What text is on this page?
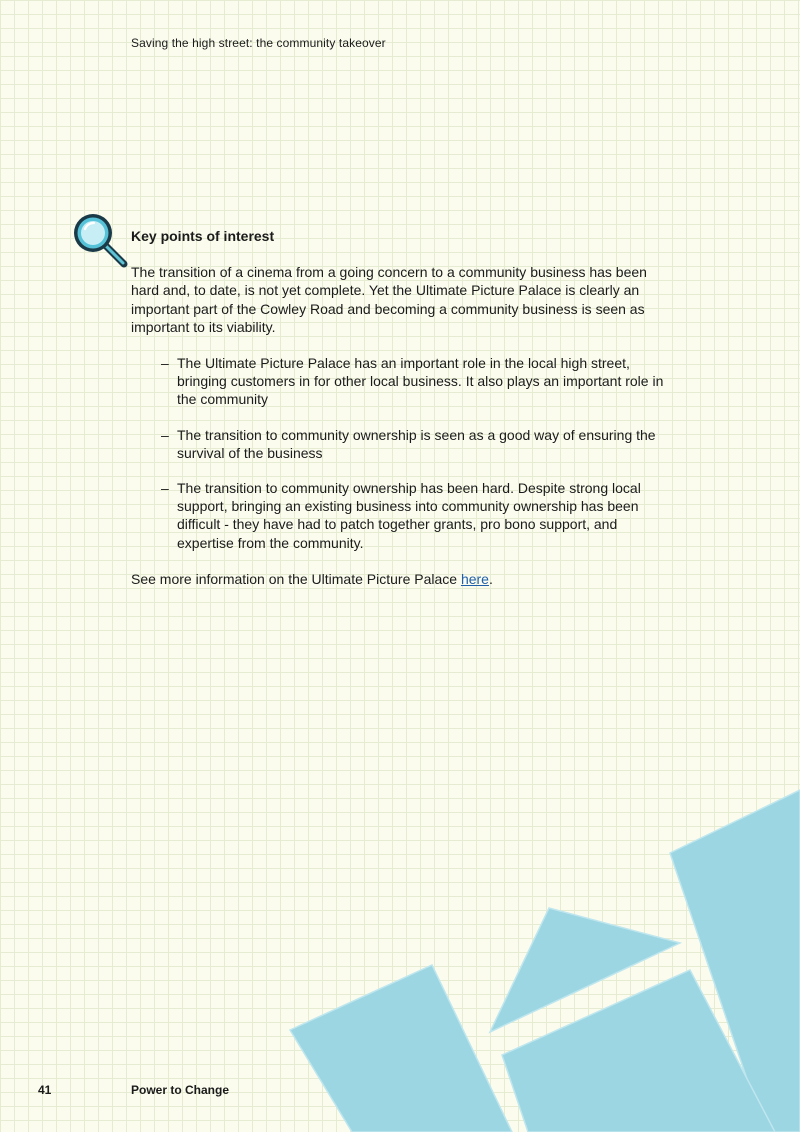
Saving the high street: the community takeover

Key points of interest

The transition of a cinema from a going concern to a community business has been hard and, to date, is not yet complete. Yet the Ultimate Picture Palace is clearly an important part of the Cowley Road and becoming a community business is seen as important to its viability.

– The Ultimate Picture Palace has an important role in the local high street, bringing customers in for other local business. It also plays an important role in the community
– The transition to community ownership is seen as a good way of ensuring the survival of the business
– The transition to community ownership has been hard. Despite strong local support, bringing an existing business into community ownership has been difficult - they have had to patch together grants, pro bono support, and expertise from the community.

See more information on the Ultimate Picture Palace here.

41	Power to Change
